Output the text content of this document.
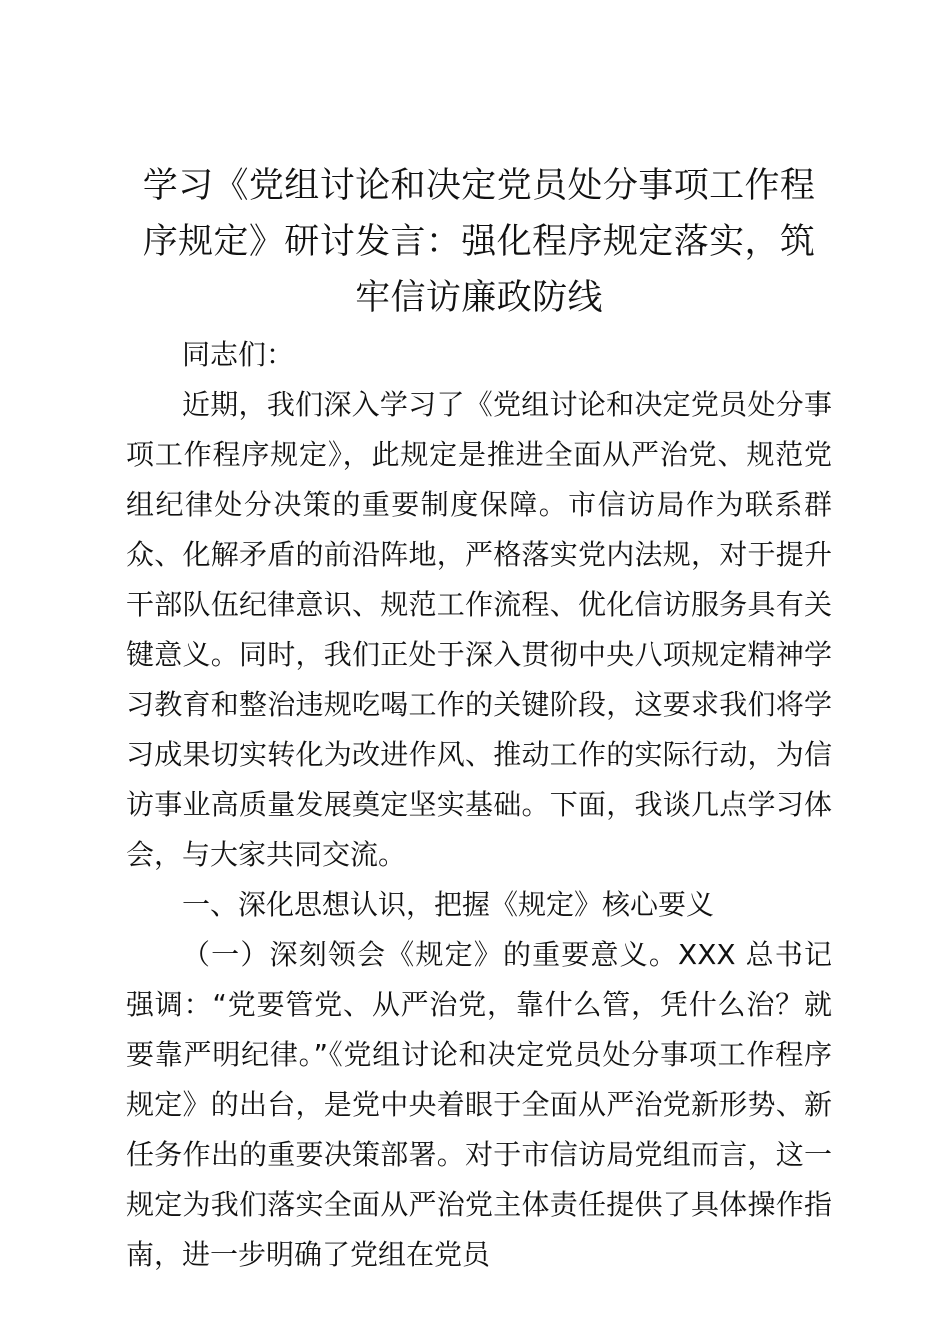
学习《党组讨论和决定党员处分事项工作程序规定》研讨发言：强化程序规定落实，筑牢信访廉政防线

同志们：

近期，我们深入学习了《党组讨论和决定党员处分事项工作程序规定》，此规定是推进全面从严治党、规范党组纪律处分决策的重要制度保障。市信访局作为联系群众、化解矛盾的前沿阵地，严格落实党内法规，对于提升干部队伍纪律意识、规范工作流程、优化信访服务具有关键意义。同时，我们正处于深入贯彻中央八项规定精神学习教育和整治违规吃喝工作的关键阶段，这要求我们将学习成果切实转化为改进作风、推动工作的实际行动，为信访事业高质量发展奠定坚实基础。下面，我谈几点学习体会，与大家共同交流。

一、深化思想认识，把握《规定》核心要义

（一）深刻领会《规定》的重要意义。XXX 总书记强调：“党要管党、从严治党，靠什么管，凭什么治？就要靠严明纪律。”《党组讨论和决定党员处分事项工作程序规定》的出台，是党中央着眼于全面从严治党新形势、新任务作出的重要决策部署。对于市信访局党组而言，这一规定为我们落实全面从严治党主体责任提供了具体操作指南，进一步明确了党组在党员
